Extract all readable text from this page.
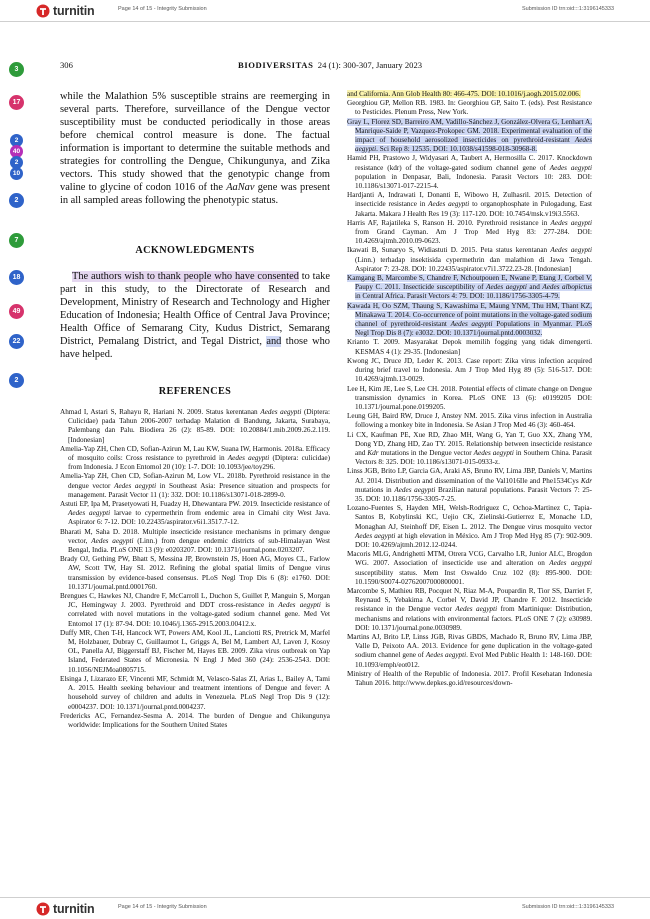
turnitin	Page 14 of 15 - Integrity Submission	Submission ID trn:oid:::1:3196145333
3
17
2
40
2
10
2
7
18
49
22
2
306	BIODIVERSITAS 24 (1): 300-307, January 2023

while the Malathion 5% susceptible strains are reemerging in several parts. Therefore, surveillance of the Dengue vector susceptibility must be conducted periodically in those areas before chemical control measure is done. The factual information is important to determine the suitable methods and strategies for controlling the Dengue, Chikungunya, and Zika vectors. This study showed that the genotypic change from valine to glycine of codon 1016 of the AaNav gene was present in all sampled areas following the phenotypic status.

ACKNOWLEDGMENTS

The authors wish to thank people who have consented to take part in this study, to the Directorate of Research and Development, Ministry of Research and Technology and Higher Education of Indonesia; Health Office of Central Java Province; Health Office of Semarang City, Kudus District, Semarang District, Pemalang District, and Tegal District, and those who have helped.

REFERENCES

Ahmad I, Astari S, Rahayu R, Hariani N. 2009. Status kerentanan Aedes aegypti (Diptera: Culicidae) pada Tahun 2006-2007 terhadap Malation di Bandung, Jakarta, Surabaya, Palembang dan Palu. Biodiera 26 (2): 85-89. DOI: 10.20884/1.mib.2009.26.2.119. [Indonesian]

Amelia-Yap ZH, Chen CD, Sofian-Azirun M, Lau KW, Suana IW, Harmonis. 2018a. Efficacy of mosquito coils: Cross resistance to pyrethroid in Aedes aegypti (Diptera: culicidae) from Indonesia. J Econ Entomol 20 (10): 1-7. DOI: 10.1093/jee/toy296.

Amelia-Yap ZH, Chen CD, Sofian-Azirun M, Low VL. 2018b. Pyrethroid resistance in the dengue vector Aedes aegypti in Southeast Asia: Presence situation and prospects for management. Parasit Vector 11 (1): 332. DOI: 10.1186/s13071-018-2899-0.

Astuti EP, Ipa M, Prasetyowati H, Fuadzy H, Dhewantara PW. 2019. Insecticide resistance of Aedes aegypti larvae to cypermethrin from endemic area in Cimahi city West Java. Aspirator 6: 7-12. DOI: 10.22435/aspirator.v6i1.3517.7-12.

Bharati M, Saha D. 2018. Multiple insecticide resistance mechanisms in primary dengue vector, Aedes aegypti (Linn.) from dengue endemic districts of sub-Himalayan West Bengal, India. PLoS ONE 13 (9): e0203207. DOI: 10.1371/journal.pone.0203207.

Brady OJ, Gething PW, Bhatt S, Messina JP, Brownstein JS, Hoen AG, Moyes CL, Farlow AW, Scott TW, Hay SI. 2012. Refining the global spatial limits of Dengue virus transmission by evidence-based consensus. PLoS Negl Trop Dis 6 (8): e1760. DOI: 10.1371/journal.pntd.0001760.

Brengues C, Hawkes NJ, Chandre F, McCarroll L, Duchon S, Guillet P, Manguin S, Morgan JC, Hemingway J. 2003. Pyrethroid and DDT cross-resistance in Aedes aegypti is correlated with novel mutations in the voltage-gated sodium channel gene. Med Vet Entomol 17 (1): 87-94. DOI: 10.1046/j.1365-2915.2003.00412.x.

Duffy MR, Chen T-H, Hancock WT, Powers AM, Kool JL, Lanciotti RS, Pretrick M, Marfel M, Holzbauer, Dubray C, Guillaumot L, Griggs A, Bel M, Lambert AJ, Laven J, Kosoy OL, Panella AJ, Biggerstaff BJ, Fischer M, Hayes EB. 2009. Zika virus outbreak on Yap Island, Federated States of Micronesia. N Engl J Med 360 (24): 2536-2543. DOI: 10.1056/NEJMoa0805715.

Elsinga J, Lizarazo EF, Vincenti MF, Schmidt M, Velasco-Salas ZI, Arias L, Bailey A, Tami A. 2015. Health seeking behaviour and treatment intentions of Dengue and fever: A household survey of children and adults in Venezuela. PLoS Negl Trop Dis 9 (12): e0004237. DOI: 10.1371/journal.pntd.0004237.

Fredericks AC, Fernandez-Sesma A. 2014. The burden of Dengue and Chikungunya worldwide: Implications for the Southern United States

and California. Ann Glob Health 80: 466-475. DOI: 10.1016/j.aogh.2015.02.006.

Georghiou GP, Mellon RB. 1983. In: Georghiou GP, Saito T. (eds). Pest Resistance to Pesticides. Plenum Press, New York.

Gray L, Florez SD, Barreiro AM, Vadillo-Sánchez J, González-Olvera G, Lenhart A, Manrique-Saide P, Vazquez-Prokopec GM. 2018. Experimental evaluation of the impact of household aerosolized insecticides on pyrethroid-resistant Aedes aegypti. Sci Rep 8: 12535. DOI: 10.1038/s41598-018-30968-8.

Hamid PH, Prastowo J, Widyasari A, Taubert A, Hermosilla C. 2017. Knockdown resistance (kdr) of the voltage-gated sodium channel gene of Aedes aegypti population in Denpasar, Bali, Indonesia. Parasit Vectors 10: 283. DOI: 10.1186/s13071-017-2215-4.

Hardjanti A, Indrawati I, Donanti E, Wibowo H, Zulhasril. 2015. Detection of insecticide resistance in Aedes aegypti to organophosphate in Pulogadung, East Jakarta. Makara J Health Res 19 (3): 117-120. DOI: 10.7454/msk.v19i3.5563.

Harris AF, Rajatileka S, Ranson H. 2010. Pyrethroid resistance in Aedes aegypti from Grand Cayman. Am J Trop Med Hyg 83: 277-284. DOI: 10.4269/ajtmh.2010.09-0623.

Ikawati B, Sunaryo S, Widiastuti D. 2015. Peta status kerentanan Aedes aegypti (Linn.) terhadap insektisida cypermethrin dan malathion di Jawa Tengah. Aspirator 7: 23-28. DOI: 10.22435/aspirator.v7i1.3722.23-28. [Indonesian]

Kamgang B, Marcombe S, Chandre F, Nchoutpouen E, Nwane P, Etang J, Corbel V, Paupy C. 2011. Insecticide susceptibility of Aedes aegypti and Aedes albopictus in Central Africa. Parasit Vectors 4: 79. DOI: 10.1186/1756-3305-4-79.

Kawada H, Oo SZM, Thaung S, Kawashima E, Maung YNM, Thu HM, Thant KZ, Minakawa T. 2014. Co-occurrence of point mutations in the voltage-gated sodium channel of pyrethroid-resistant Aedes aegypti Populations in Myanmar. PLoS Negl Trop Dis 8 (7): e3032. DOI: 10.1371/journal.pntd.0003032.

Krianto T. 2009. Masyarakat Depok memilih fogging yang tidak dimengerti. KESMAS 4 (1): 29-35. [Indonesian]

Kwong JC, Druce JD, Leder K. 2013. Case report: Zika virus infection acquired during brief travel to Indonesia. Am J Trop Med Hyg 89 (5): 516-517. DOI: 10.4269/ajtmh.13-0029.

Lee H, Kim JE, Lee S, Lee CH. 2018. Potential effects of climate change on Dengue transmission dynamics in Korea. PLoS ONE 13 (6): e0199205 DOI: 10.1371/journal.pone.0199205.

Leung GH, Baird RW, Druce J, Anstey NM. 2015. Zika virus infection in Australia following a monkey bite in Indonesia. Se Asian J Trop Med 46 (3): 460-464.

Li CX, Kaufman PE, Xue RD, Zhao MH, Wang G, Yan T, Guo XX, Zhang YM, Dong YD, Zhang HD, Zao TY. 2015. Relationship between insecticide resistance and Kdr mutations in the Dengue vector Aedes aegypti in Southern China. Parasit Vectors 8: 325. DOI: 10.1186/s13071-015-0933-z.

Linss JGB, Brito LP, Garcia GA, Araki AS, Bruno RV, Lima JBP, Daniels V, Martins AJ. 2014. Distribution and dissemination of the Val1016Ile and Phe1534Cys Kdr mutations in Aedes aegypti Brazilian natural populations. Parasit Vectors 7: 25-35. DOI: 10.1186/1756-3305-7-25.

Lozano-Fuentes S, Hayden MH, Welsh-Rodriguez C, Ochoa-Martinez C, Tapia-Santos B, Kobylinski KC, Uejio CK, Zielinski-Gutierrez E, Monache LD, Monaghan AJ, Steinhoff DF, Eisen L. 2012. The Dengue virus mosquito vector Aedes aegypti at high elevation in México. Am J Trop Med Hyg 85 (7): 902-909. DOI: 10.4269/ajtmh.2012.12-0244.

Macoris MLG, Andrighetti MTM, Otrera VCG, Carvalho LR, Junior ALC, Brogdon WG. 2007. Association of insecticide use and alteration on Aedes aegypti susceptibility status. Mem Inst Oswaldo Cruz 102 (8): 895-900. DOI: 10.1590/S0074-02762007000800001.

Marcombe S, Mathieu RB, Pocquet N, Riaz M-A, Poupardin R, Tior SS, Darriet F, Reynaud S, Yebakima A, Corbel V, David JP, Chandre F. 2012. Insecticide resistance in the Dengue vector Aedes aegypti from Martinique: Distribution, mechanisms and relations with environmental factors. PLoS ONE 7 (2): e30989. DOI: 10.1371/journal.pone.0030989.

Martins AJ, Brito LP, Linss JGB, Rivas GBDS, Machado R, Bruno RV, Lima JBP, Valle D, Peixoto AA. 2013. Evidence for gene duplication in the voltage-gated sodium channel gene of Aedes aegypti. Evol Med Public Health 1: 148-160. DOI: 10.1093/emph/eot012.

Ministry of Health of the Republic of Indonesia. 2017. Profil Kesehatan Indonesia Tahun 2016. http://www.depkes.go.id/resources/down-

turnitin	Page 14 of 15 - Integrity Submission	Submission ID trn:oid:::1:3196145333
